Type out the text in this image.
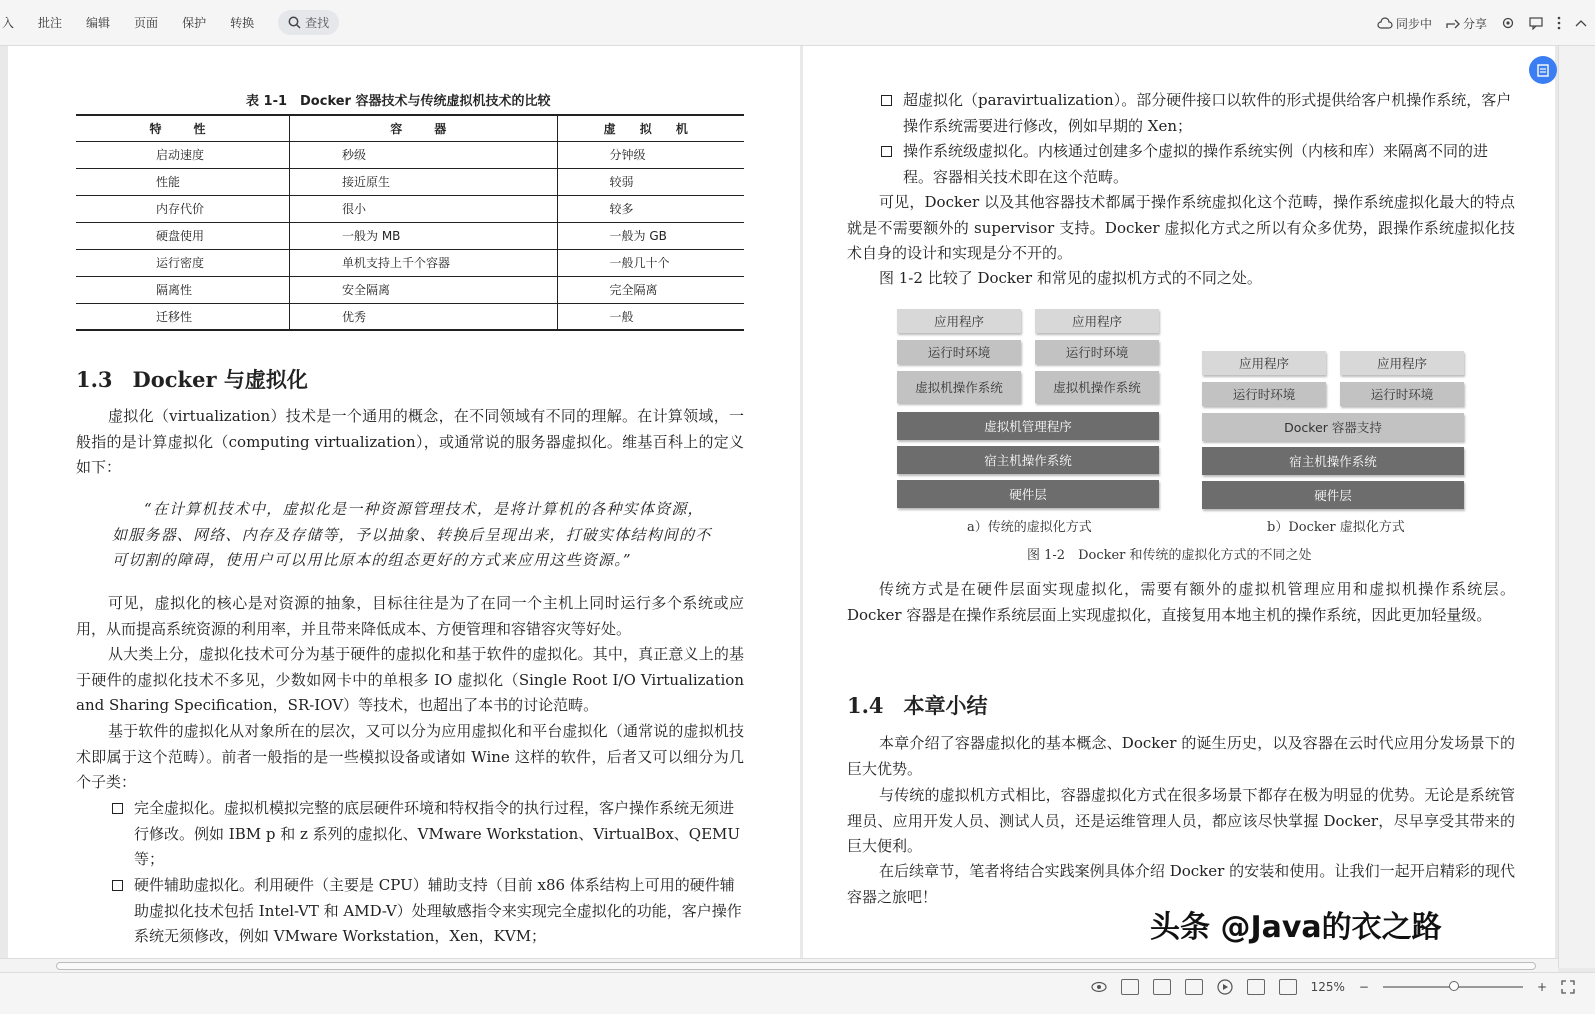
入 批注 编辑 页面 保护 转换	查找	同步中	分享
表 1-1　Docker 容器技术与传统虚拟机技术的比较
特　性	容　器	虚 拟 机
启动速度	秒级	分钟级
性能	接近原生	较弱
内存代价	很小	较多
硬盘使用	一般为 MB	一般为 GB
运行密度	单机支持上千个容器	一般几十个
隔离性	安全隔离	完全隔离
迁移性	优秀	一般
1.3 Docker 与虚拟化

虚拟化（virtualization）技术是一个通用的概念，在不同领域有不同的理解。在计算领域，一般指的是计算虚拟化（computing virtualization），或通常说的服务器虚拟化。维基百科上的定义如下：

“在计算机技术中，虚拟化是一种资源管理技术，是将计算机的各种实体资源，如服务器、网络、内存及存储等，予以抽象、转换后呈现出来，打破实体结构间的不可切割的障碍，使用户可以用比原本的组态更好的方式来应用这些资源。”

可见，虚拟化的核心是对资源的抽象，目标往往是为了在同一个主机上同时运行多个系统或应用，从而提高系统资源的利用率，并且带来降低成本、方便管理和容错容灾等好处。

从大类上分，虚拟化技术可分为基于硬件的虚拟化和基于软件的虚拟化。其中，真正意义上的基于硬件的虚拟化技术不多见，少数如网卡中的单根多 IO 虚拟化（Single Root I/O Virtualization and Sharing Specification，SR-IOV）等技术，也超出了本书的讨论范畴。

基于软件的虚拟化从对象所在的层次，又可以分为应用虚拟化和平台虚拟化（通常说的虚拟机技术即属于这个范畴）。前者一般指的是一些模拟设备或诸如 Wine 这样的软件，后者又可以细分为几个子类：

完全虚拟化。虚拟机模拟完整的底层硬件环境和特权指令的执行过程，客户操作系统无须进行修改。例如 IBM p 和 z 系列的虚拟化、VMware Workstation、VirtualBox、QEMU 等；
硬件辅助虚拟化。利用硬件（主要是 CPU）辅助支持（目前 x86 体系结构上可用的硬件辅助虚拟化技术包括 Intel-VT 和 AMD-V）处理敏感指令来实现完全虚拟化的功能，客户操作系统无须修改，例如 VMware Workstation，Xen，KVM；
超虚拟化（paravirtualization）。部分硬件接口以软件的形式提供给客户机操作系统，客户操作系统需要进行修改，例如早期的 Xen；
操作系统级虚拟化。内核通过创建多个虚拟的操作系统实例（内核和库）来隔离不同的进程。容器相关技术即在这个范畴。

可见，Docker 以及其他容器技术都属于操作系统虚拟化这个范畴，操作系统虚拟化最大的特点就是不需要额外的 supervisor 支持。Docker 虚拟化方式之所以有众多优势，跟操作系统虚拟化技术自身的设计和实现是分不开的。

图 1-2 比较了 Docker 和常见的虚拟机方式的不同之处。

应用程序	应用程序
运行时环境	运行时环境
虚拟机操作系统	虚拟机操作系统
虚拟机管理程序
宿主机操作系统
硬件层
a）传统的虚拟化方式
应用程序	应用程序
运行时环境	运行时环境
Docker 容器支持
宿主机操作系统
硬件层
b）Docker 虚拟化方式
图 1-2　Docker 和传统的虚拟化方式的不同之处

传统方式是在硬件层面实现虚拟化，需要有额外的虚拟机管理应用和虚拟机操作系统层。Docker 容器是在操作系统层面上实现虚拟化，直接复用本地主机的操作系统，因此更加轻量级。

1.4 本章小结

本章介绍了容器虚拟化的基本概念、Docker 的诞生历史，以及容器在云时代应用分发场景下的巨大优势。

与传统的虚拟机方式相比，容器虚拟化方式在很多场景下都存在极为明显的优势。无论是系统管理员、应用开发人员、测试人员，还是运维管理人员，都应该尽快掌握 Docker，尽早享受其带来的巨大便利。

在后续章节，笔者将结合实践案例具体介绍 Docker 的安装和使用。让我们一起开启精彩的现代容器之旅吧！

头条 @Java的衣之路
125% −	+
